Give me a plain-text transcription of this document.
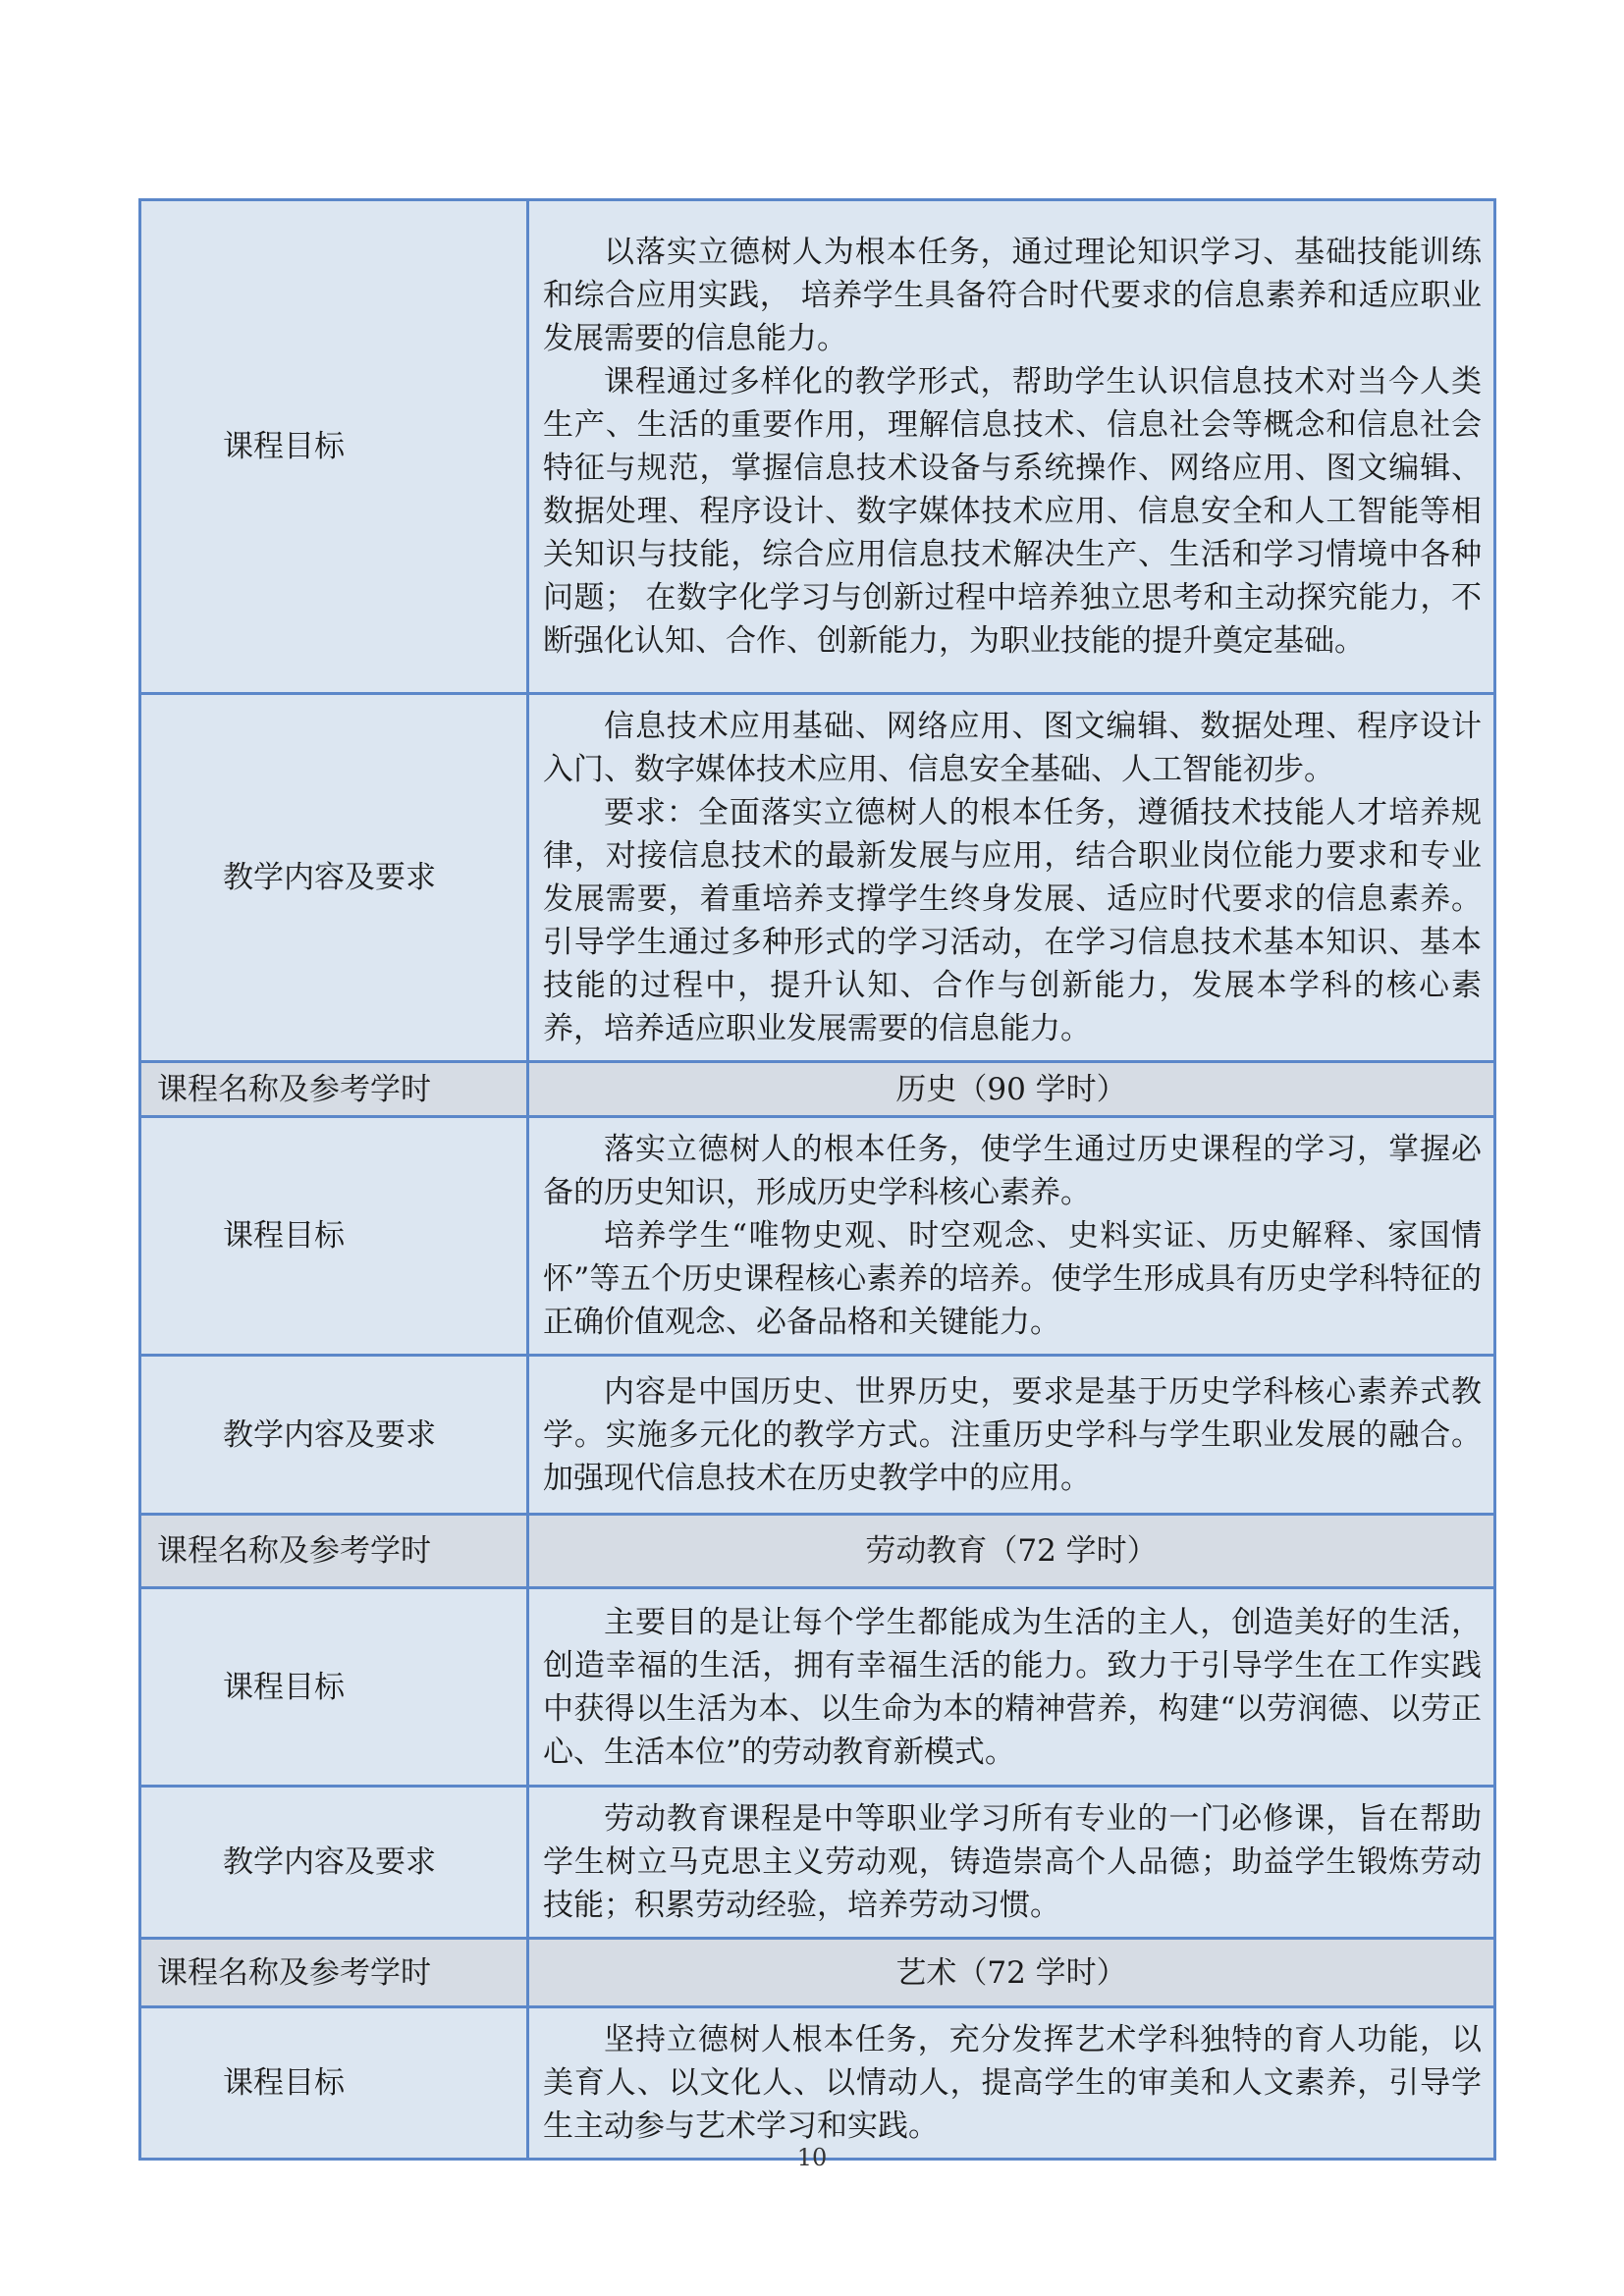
课程目标	以落实立德树人为根本任务，通过理论知识学习、基础技能训练和综合应用实践， 培养学生具备符合时代要求的信息素养和适应职业发展需要的信息能力。

课程通过多样化的教学形式，帮助学生认识信息技术对当今人类生产、生活的重要作用，理解信息技术、信息社会等概念和信息社会特征与规范，掌握信息技术设备与系统操作、网络应用、图文编辑、数据处理、程序设计、数字媒体技术应用、信息安全和人工智能等相关知识与技能，综合应用信息技术解决生产、生活和学习情境中各种问题； 在数字化学习与创新过程中培养独立思考和主动探究能力，不断强化认知、合作、创新能力，为职业技能的提升奠定基础。

教学内容及要求	信息技术应用基础、网络应用、图文编辑、数据处理、程序设计入门、数字媒体技术应用、信息安全基础、人工智能初步。

要求：全面落实立德树人的根本任务，遵循技术技能人才培养规律，对接信息技术的最新发展与应用，结合职业岗位能力要求和专业发展需要，着重培养支撑学生终身发展、适应时代要求的信息素养。引导学生通过多种形式的学习活动，在学习信息技术基本知识、基本技能的过程中，提升认知、合作与创新能力，发展本学科的核心素养，培养适应职业发展需要的信息能力。

课程名称及参考学时	历史（90 学时）
课程目标	落实立德树人的根本任务，使学生通过历史课程的学习，掌握必备的历史知识，形成历史学科核心素养。

培养学生“唯物史观、时空观念、史料实证、历史解释、家国情怀”等五个历史课程核心素养的培养。使学生形成具有历史学科特征的正确价值观念、必备品格和关键能力。

教学内容及要求	内容是中国历史、世界历史，要求是基于历史学科核心素养式教学。实施多元化的教学方式。注重历史学科与学生职业发展的融合。加强现代信息技术在历史教学中的应用。

课程名称及参考学时	劳动教育（72 学时）
课程目标	主要目的是让每个学生都能成为生活的主人，创造美好的生活，创造幸福的生活，拥有幸福生活的能力。致力于引导学生在工作实践中获得以生活为本、以生命为本的精神营养，构建“以劳润德、以劳正心、生活本位”的劳动教育新模式。

教学内容及要求	劳动教育课程是中等职业学习所有专业的一门必修课，旨在帮助学生树立马克思主义劳动观，铸造崇高个人品德；助益学生锻炼劳动技能；积累劳动经验，培养劳动习惯。

课程名称及参考学时	艺术（72 学时）
课程目标	坚持立德树人根本任务，充分发挥艺术学科独特的育人功能，以美育人、以文化人、以情动人，提高学生的审美和人文素养，引导学生主动参与艺术学习和实践。

10
